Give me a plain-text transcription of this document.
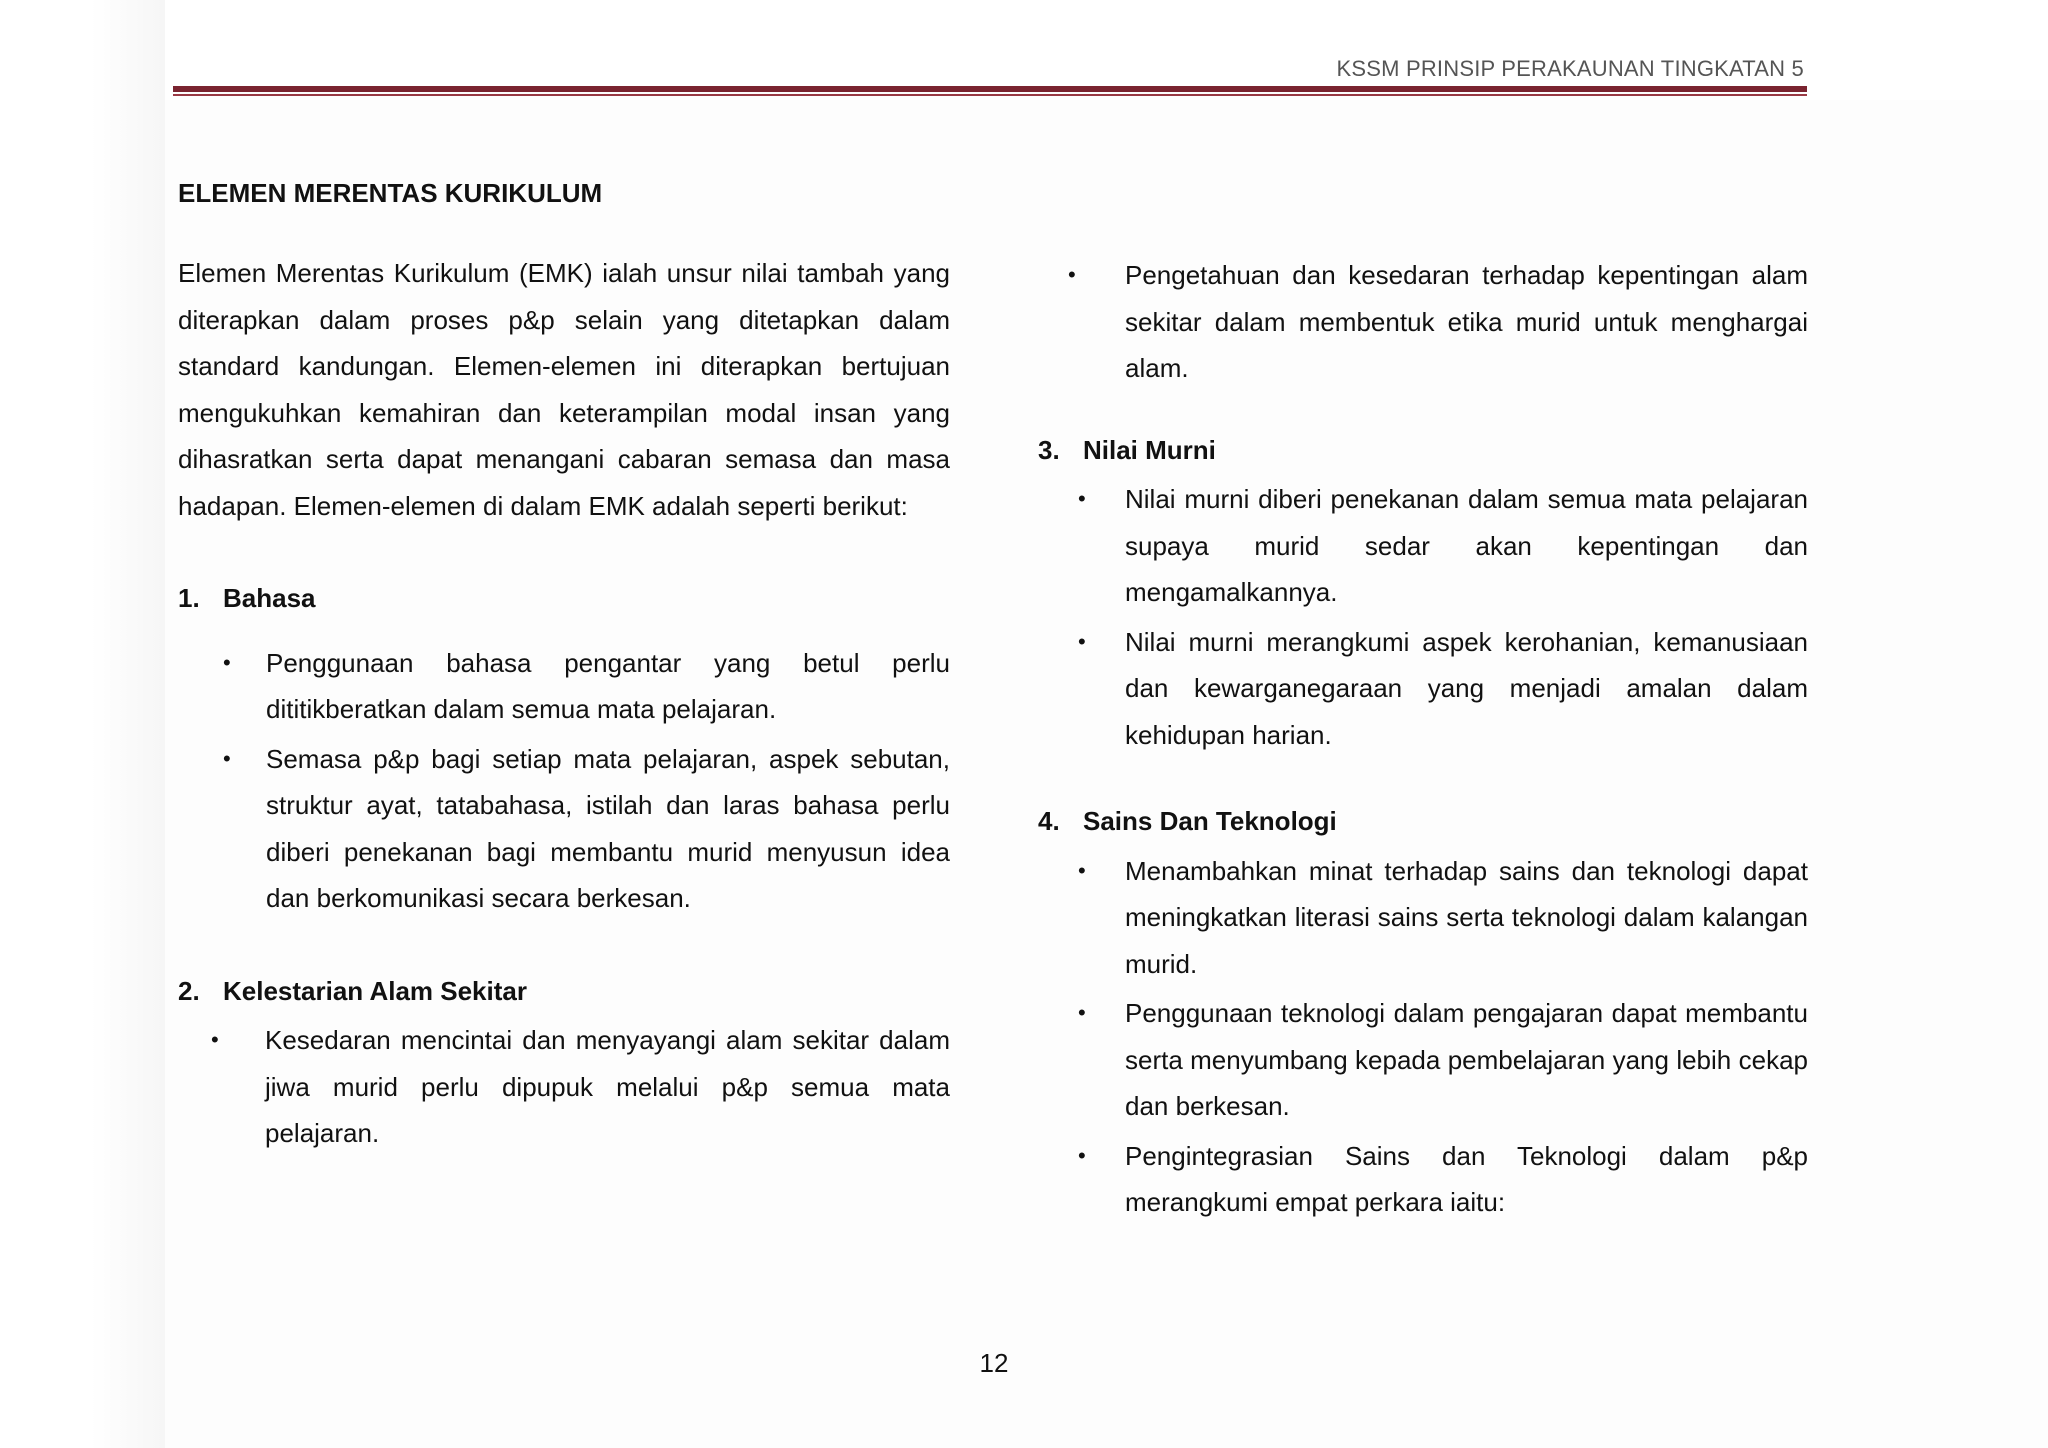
KSSM PRINSIP PERAKAUNAN TINGKATAN 5
ELEMEN MERENTAS KURIKULUM

Elemen Merentas Kurikulum (EMK) ialah unsur nilai tambah yang diterapkan dalam proses p&p selain yang ditetapkan dalam standard kandungan. Elemen-elemen ini diterapkan bertujuan mengukuhkan kemahiran dan keterampilan modal insan yang dihasratkan serta dapat menangani cabaran semasa dan masa hadapan. Elemen-elemen di dalam EMK adalah seperti berikut:

1. Bahasa

• Penggunaan bahasa pengantar yang betul perlu dititikberatkan dalam semua mata pelajaran.
• Semasa p&p bagi setiap mata pelajaran, aspek sebutan, struktur ayat, tatabahasa, istilah dan laras bahasa perlu diberi penekanan bagi membantu murid menyusun idea dan berkomunikasi secara berkesan.

2. Kelestarian Alam Sekitar

• Kesedaran mencintai dan menyayangi alam sekitar dalam jiwa murid perlu dipupuk melalui p&p semua mata pelajaran.
• Pengetahuan dan kesedaran terhadap kepentingan alam sekitar dalam membentuk etika murid untuk menghargai alam.

3. Nilai Murni

• Nilai murni diberi penekanan dalam semua mata pelajaran supaya murid sedar akan kepentingan dan mengamalkannya.
• Nilai murni merangkumi aspek kerohanian, kemanusiaan dan kewarganegaraan yang menjadi amalan dalam kehidupan harian.

4. Sains Dan Teknologi

• Menambahkan minat terhadap sains dan teknologi dapat meningkatkan literasi sains serta teknologi dalam kalangan murid.
• Penggunaan teknologi dalam pengajaran dapat membantu serta menyumbang kepada pembelajaran yang lebih cekap dan berkesan.
• Pengintegrasian Sains dan Teknologi dalam p&p merangkumi empat perkara iaitu:
12
